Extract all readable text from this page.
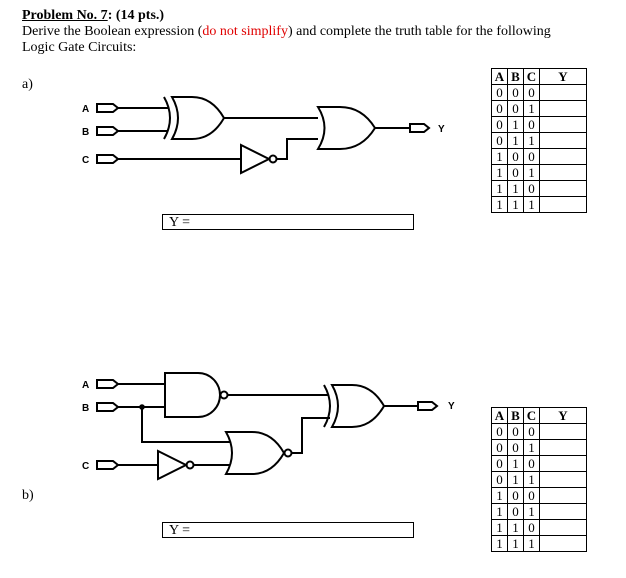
Problem No. 7: (14 pts.)
Derive the Boolean expression (do not simplify) and complete the truth table for the following
Logic Gate Circuits:
a)
b)
A
B
C
Y
A
B
C
Y
Y =
Y =
A	B	C	Y
0	0	0	
0	0	1	
0	1	0	
0	1	1	
1	0	0	
1	0	1	
1	1	0	
1	1	1	
A	B	C	Y
0	0	0	
0	0	1	
0	1	0	
0	1	1	
1	0	0	
1	0	1	
1	1	0	
1	1	1	
